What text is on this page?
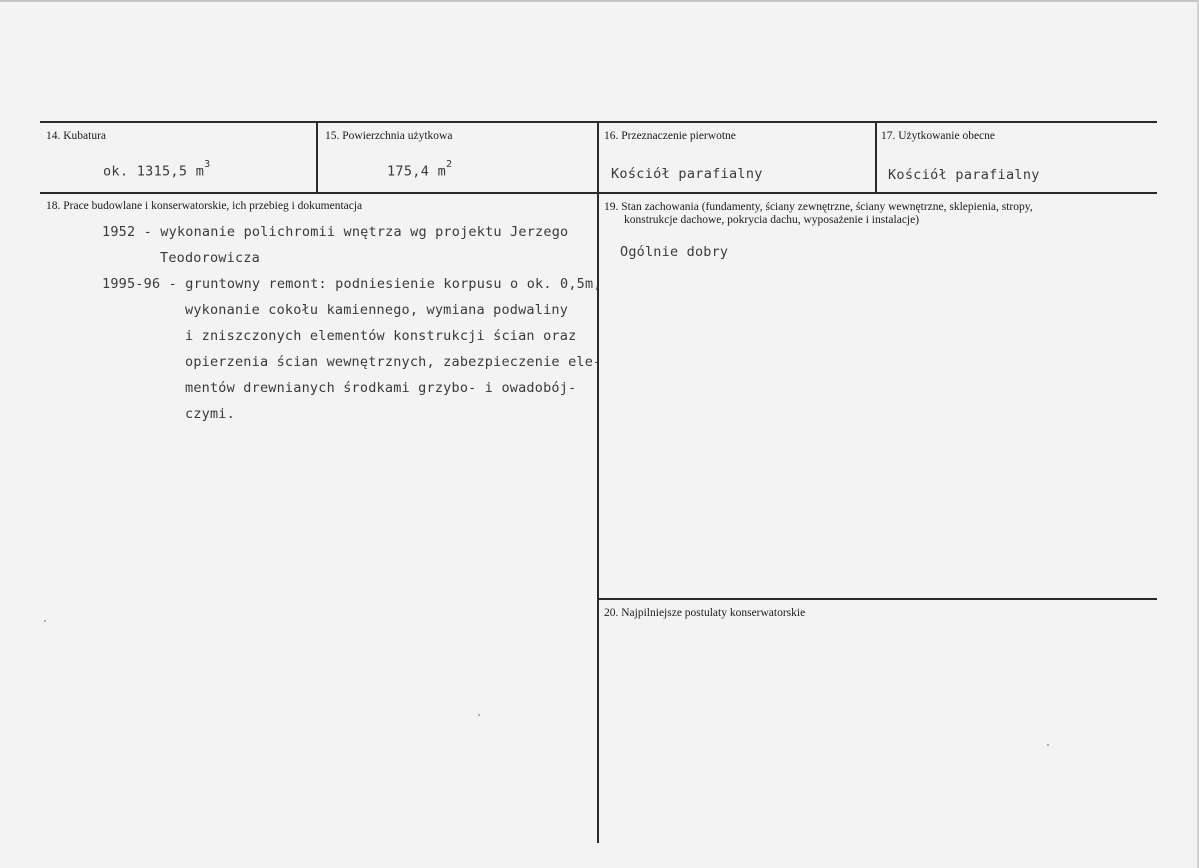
14. Kubatura
ok. 1315,5 $m^3$
15. Powierzchnia użytkowa
175,4 $m^2$
16. Przeznaczenie pierwotne
Kościół parafialny
17. Użytkowanie obecne
Kościół parafialny
18. Prace budowlane i konserwatorskie, ich przebieg i dokumentacja
1952 - wykonanie polichromii wnętrza wg projektu Jerzego
Teodorowicza
1995-96 - gruntowny remont: podniesienie korpusu o ok. 0,5m,
wykonanie cokołu kamiennego, wymiana podwaliny
i zniszczonych elementów konstrukcji ścian oraz
opierzenia ścian wewnętrznych, zabezpieczenie ele-
mentów drewnianych środkami grzybo- i owadobój-
czymi.
19. Stan zachowania (fundamenty, ściany zewnętrzne, ściany wewnętrzne, sklepienia, stropy,
konstrukcje dachowe, pokrycia dachu, wyposażenie i instalacje)
Ogólnie dobry
20. Najpilniejsze postulaty konserwatorskie
